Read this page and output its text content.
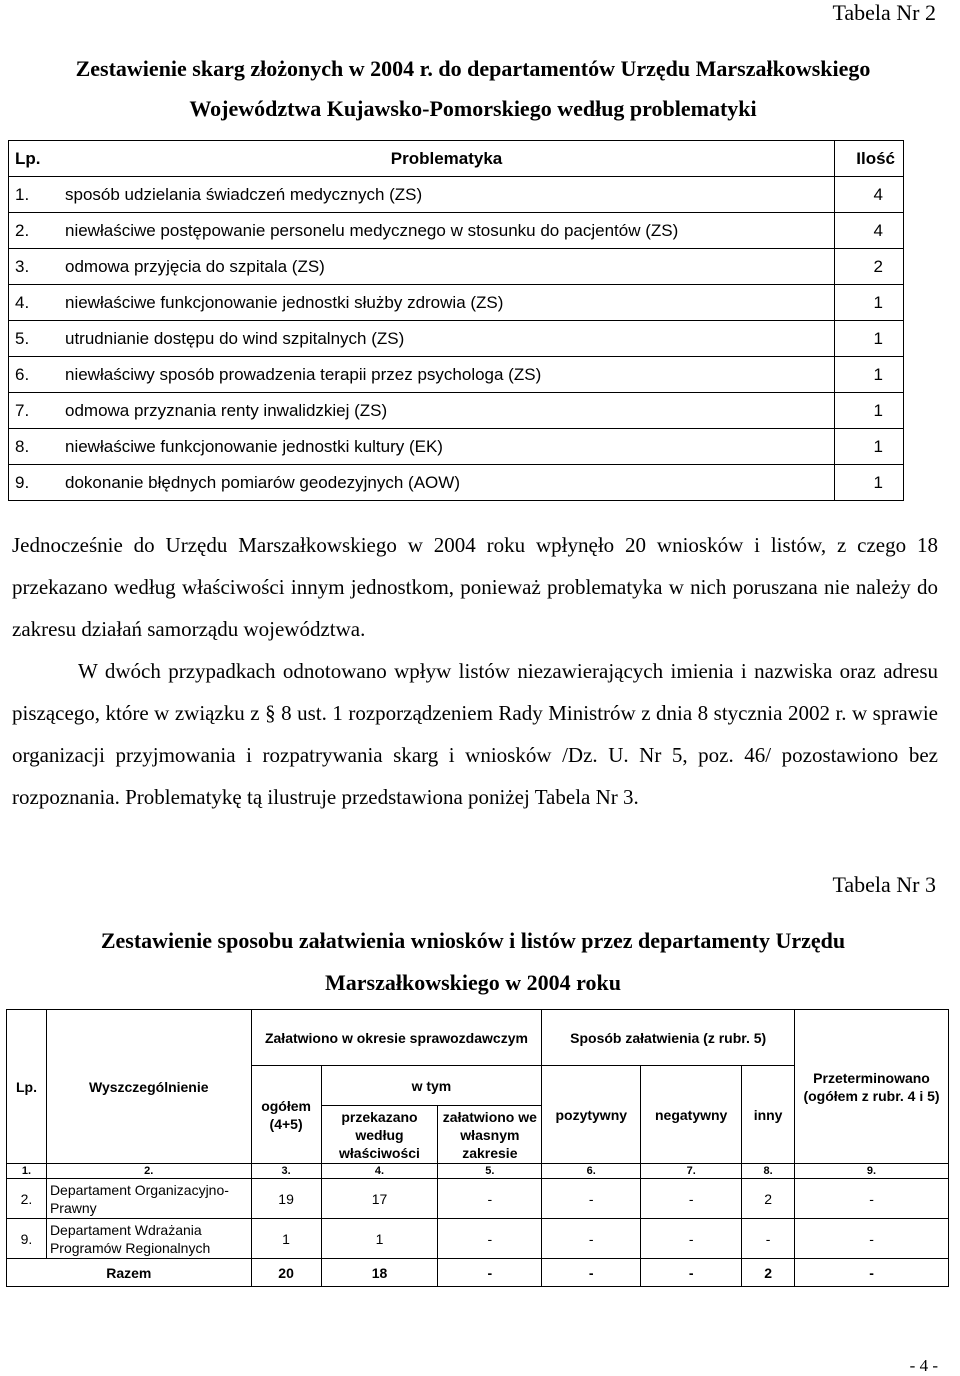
Tabela Nr 2
Zestawienie skarg złożonych w 2004 r. do departamentów Urzędu Marszałkowskiego
Województwa Kujawsko-Pomorskiego według problematyki
Lp.	Problematyka	Ilość
1.	sposób udzielania świadczeń medycznych (ZS)	4
2.	niewłaściwe postępowanie personelu medycznego w stosunku do pacjentów (ZS)	4
3.	odmowa przyjęcia do szpitala (ZS)	2
4.	niewłaściwe funkcjonowanie jednostki służby zdrowia (ZS)	1
5.	utrudnianie dostępu do wind szpitalnych (ZS)	1
6.	niewłaściwy sposób prowadzenia terapii przez psychologa (ZS)	1
7.	odmowa przyznania renty inwalidzkiej (ZS)	1
8.	niewłaściwe funkcjonowanie jednostki kultury (EK)	1
9.	dokonanie błędnych pomiarów geodezyjnych (AOW)	1

Jednocześnie do Urzędu Marszałkowskiego w 2004 roku wpłynęło 20 wniosków i listów, z czego 18 przekazano według właściwości innym jednostkom, ponieważ problematyka w nich poruszana nie należy do zakresu działań samorządu województwa.

W dwóch przypadkach odnotowano wpływ listów niezawierających imienia i nazwiska oraz adresu piszącego, które w związku z § 8 ust. 1 rozporządzeniem Rady Ministrów z dnia 8 stycznia 2002 r. w sprawie organizacji przyjmowania i rozpatrywania skarg i wniosków /Dz. U. Nr 5, poz. 46/ pozostawiono bez rozpoznania. Problematykę tą ilustruje przedstawiona poniżej Tabela Nr 3.

Tabela Nr 3
Zestawienie sposobu załatwienia wniosków i listów przez departamenty Urzędu
Marszałkowskiego w 2004 roku
Lp.	Wyszczególnienie	Załatwiono w okresie sprawozdawczym			Sposób załatwienia (z rubr. 5)			Przeterminowano (ogółem z rubr. 4 i 5)
		ogółem (4+5)	w tym		pozytywny	negatywny	inny	
			przekazano według właściwości	załatwiono we własnym zakresie				
1.	2.	3.	4.	5.	6.	7.	8.	9.
2.	Departament Organizacyjno-Prawny	19	17	-	-	-	2	-
9.	Departament Wdrażania Programów Regionalnych	1	1	-	-	-	-	-
Razem		20	18	-	-	-	2	-
- 4 -
